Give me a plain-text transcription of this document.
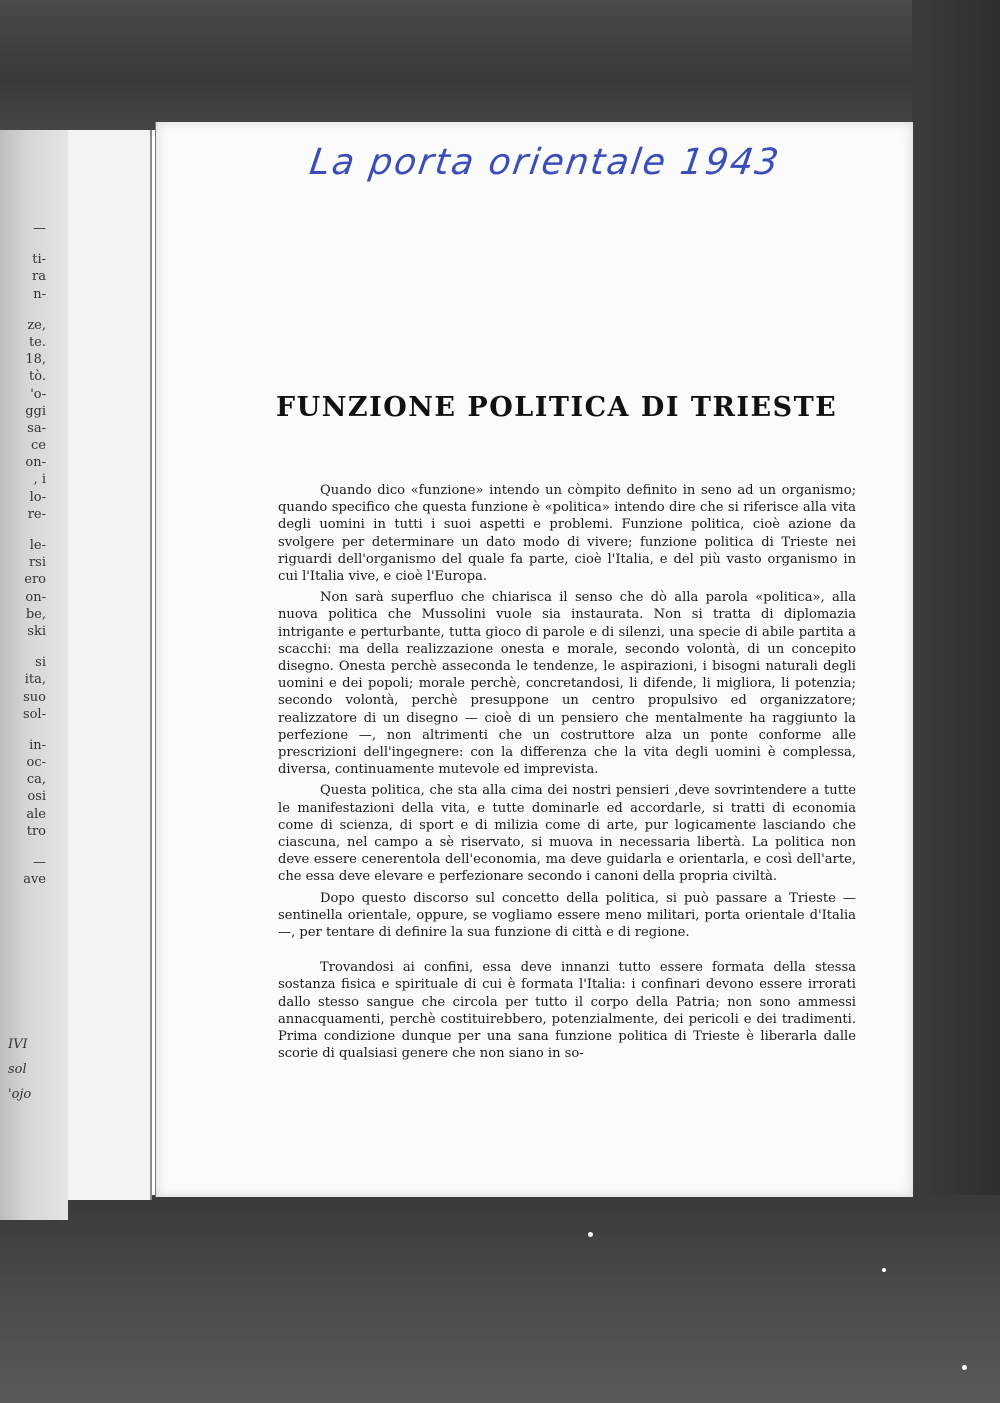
—
ti-
ra
n-
ze,
te.
18,
tò.
'o-
ggi
sa-
ce
on-
, i
lo-
re-
le-
rsi
ero
on-
be,
ski
si
ita,
suo
sol-
in-
oc-
ca,
osi
ale
tro
—
ave
IVI
sol
'ojo
La porta orientale 1943
FUNZIONE POLITICA DI TRIESTE

Quando dico «funzione» intendo un còmpito definito in seno ad un organismo; quando specifico che questa funzione è «politica» intendo dire che si riferisce alla vita degli uomini in tutti i suoi aspetti e problemi. Funzione politica, cioè azione da svolgere per determinare un dato modo di vivere; funzione politica di Trieste nei riguardi dell'organismo del quale fa parte, cioè l'Italia, e del più vasto organismo in cui l'Italia vive, e cioè l'Europa.

Non sarà superfluo che chiarisca il senso che dò alla parola «politica», alla nuova politica che Mussolini vuole sia instaurata. Non si tratta di diplomazia intrigante e perturbante, tutta gioco di parole e di silenzi, una specie di abile partita a scacchi: ma della realizzazione onesta e morale, secondo volontà, di un concepito disegno. Onesta perchè asseconda le tendenze, le aspirazioni, i bisogni naturali degli uomini e dei popoli; morale perchè, concretandosi, li difende, li migliora, li potenzia; secondo volontà, perchè presuppone un centro propulsivo ed organizzatore; realizzatore di un disegno — cioè di un pensiero che mentalmente ha raggiunto la perfezione —, non altrimenti che un costruttore alza un ponte conforme alle prescrizioni dell'ingegnere: con la differenza che la vita degli uomini è complessa, diversa, continuamente mutevole ed imprevista.

Questa politica, che sta alla cima dei nostri pensieri ,deve sovrintendere a tutte le manifestazioni della vita, e tutte dominarle ed accordarle, si tratti di economia come di scienza, di sport e di milizia come di arte, pur logicamente lasciando che ciascuna, nel campo a sè riservato, si muova in necessaria libertà. La politica non deve essere cenerentola dell'economia, ma deve guidarla e orientarla, e così dell'arte, che essa deve elevare e perfezionare secondo i canoni della propria civiltà.

Dopo questo discorso sul concetto della politica, si può passare a Trieste — sentinella orientale, oppure, se vogliamo essere meno militari, porta orientale d'Italia —, per tentare di definire la sua funzione di città e di regione.

Trovandosi ai confini, essa deve innanzi tutto essere formata della stessa sostanza fisica e spirituale di cui è formata l'Italia: i confinari devono essere irrorati dallo stesso sangue che circola per tutto il corpo della Patria; non sono ammessi annacquamenti, perchè costituirebbero, potenzialmente, dei pericoli e dei tradimenti. Prima condizione dunque per una sana funzione politica di Trieste è liberarla dalle scorie di qualsiasi genere che non siano in so-
